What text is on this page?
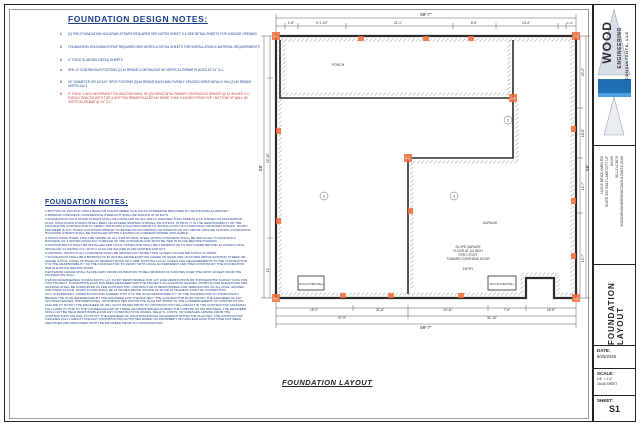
FOUNDATION DESIGN NOTES:
1 (2) PHD FOUNDATION HOLDOWN STRAPS REQUIRED SEE NOTES SHEET S & SEE DETAIL SHEETS FOR GARAGE OPENING
2 FOUNDATION HOLDOWN STRAP REQUIRED SEE NOTES & DETAIL SHEETS FOR INSTALLATION & MATERIAL REQUIREMENTS
3 4" THICK SLAB SEE DETAIL SHEETS
4 5FH-12' CONTINUOUS FOOTING (2) #4 REBAR CONTINUOUS W/ VERTICAL REBAR PLACED AT 24" O.C.
5 24" DIAMETER OR 24"X24" SPOT FOOTING (3) #4 REBAR EACH WAY EVENLY SPACED HORIZONTALLY W/4 (2) #4 REBAR VERTICALLY
6 IF THICK 3-INCH MOVEMENT FOUNDATION WALL W/ (2) HORIZONTAL REBAR CONTINUOUS SPACED @ 12 INCHES O.C. EVENLY SPACED WITH TOP & BOTTOM REBAR PLACED NO MORE THAN 3 INCHES FROM TOP / BOTTOM OF WALL W/ VERTICAL REBAR @ 24" O.C.
FOUNDATION NOTES:

1.BOTTOM OF FOOTING SHALL BEAR ON UNDISTURBED SOIL OR AS OTHERWISE REQUIRED BY GEOTECHNICAL REPORT.

2.MINIMUM CONCRETE COMPRESSIVE STRENGTH SHALL BE 3000 PSI AT 28 DAYS.

3.FOUNDATION HOLD DOWN STRAPS SHALL BE INSTALLED ON ALL WALLS GREATER THAN SHEETS & AS SHOWN ON FOUNDATION PLAN. HOLD DOWN STRAPS SHALL MEET OR EXCEED SIMPSON STRONG-TIE STHD14, STHD10, IT IS THE RESPONSIBILITY OF THE FOUNDATION CONTRACTOR TO VERIFY HOLDOWN LOCATIONS PRIOR TO INSTALLATION OF FOUNDATION HOLDOWN STRAPS. NOTIFY ENGINEER IF ANY STRAP LOCATIONS APPEAR TO BE BELOW AN OPENING OR WINDOW ON ANY ABOVE GROUND FLOORS. FOUNDATION HOLDOWN STRAPS SHALL BE INSTALLED WITHIN 6 INCHES OF CORNERS WHERE APPLICABLE.

4.STRUCTURAL STEEL SHALL BE GRADE 40. ALL STRUCTURAL STEEL WITHIN CONCRETE SHALL BE INSTALLED TO MAINTAIN A DISTANCE OF 3 INCHES FROM ANY SURFACE OF THE CONCRETE AND MUST BE TIED IN PLACE BEFORE POURING.

5.ANCHOR BOLTS SHALL BE INSTALLED PER LOCAL CODES AND SHALL BE A MINIMUM OF 1/2 INCH DIAMETER AND 10 INCHES LONG, INSTALLED 12 INCHES O.C. WITH A 3x3x0.229 SQUARE PLATE WASHER AND NUT.

6.CONTROL JOINTS IN ALL CONCRETE SHALL BE SPACED NOT MORE THAN 12 FEET ON CENTER FOR FLAT WORK.

7.FOUNDATION SHALL BE A MINIMUM OF 18 INCHES ABOVE EXISTING GRADE OF ROAD AND 18 INCHES ABOVE EXISTING STREET OR GRADE (LOCAL CODE) OF ROAD OF NEAREST ROAD OR CURB. EXISTING LOCAL CODES AND MEASUREMENTS TO THE CONTRACTOR. IT IS THE RESPONSIBILITY OF THE CONTRACTOR TO VERIFY WITH LOCAL GOVERNMENT AND THEN CONSTRUCT THE FOUNDATION PER ELEVATION RESTRICTIONS.

8.EXTERIOR GRADE SHALL SLOPE AWAY FROM FOUNDATION TO BE A MINIMUM OF 6 INCHES OVER THE FIRST 10 FEET FROM THE FOUNDATION WALL.

9.WOOD ENGINEERING CONSULTANTS, LLC IS NOT RESPONSIBLE FOR LOT LINE VERIFICATION OR TOPOGRAPHIC SURVEY DATA FOR THIS PROJECT. FOUNDATION PLAN HAS BEEN DESIGNED FOR THE PROJECT. ALL EXISTING GRADES, FINISH FLOOR ELEVATIONS AND GRADING SHALL BE COMPLETED AS PER CONTRACTOR. CONTRACTOR IS RESPONSIBLE FOR VERIFICATION OF ALL FINAL GRADES AND FINISH FLOOR. FINISH FLOOR SHALL BE 12 INCHES ABOVE CROWN OF ROAD AT NEAREST POINT OF CONNECTION.

10.IT IS EXPRESSLY UNDERSTOOD AND AGREED THAT IT IS THE SOLE RESPONSIBILITY OF THE CONTRACTOR TO THOROUGHLY REVIEW THE PLAN REFERENCED BY THE ENGINEER FOR THE PROJECT. THE CONTRACTOR MUST NOTIFY THE ENGINEER OF ANY INCONSISTENCIES, DISCREPANCIES, OR AMBIGUITIES WITHIN THE PLAN SET PRIOR TO THE COMMENCEMENT OF CONSTRUCTION. FAILURE TO NOTIFY THE ENGINEER OF ANY SUCH ISSUES PRIOR TO CONSTRUCTION WILL RESULT IN THE CONTRACTOR ASSUMING FULL LIABILITY DUE TO THE CONSEQUENCES OF THESE INCONSISTENCIES DURING THE CONSTRUCTION PROCESS. THE ENGINEER SHALL NOT BE HELD RESPONSIBLE FOR ANY CONSTRUCTION ISSUES, DELAYS, COSTS, OR DAMAGES ARISING FROM THE CONTRACTORS FAILURE TO NOTIFY THE ENGINEER OF INCONSISTENCIES OR ERRORS WITHIN THE PLAN SET. THE CONTRACTOR ASSUMES FULL LIABILITY FOR ANY CONSTRUCTION ACTIVITIES BASED ON INCORRECT OR UNCLEAR DATA THAT HAVE NOT BEEN IDENTIFIED AND DISCUSSED WITH THE ENGINEER PRIOR TO CONSTRUCTION.

59'-7"
1'-6"	9'-1 1/2"	21'-1"	8'-5"	13'-4"	1'-4"
58'
15'-10"
12'
58'
22'-2"
16'-8"
12'-7"
19'-7"
PORCH
GARAGE
SLOPE GARAGE
FLOOR AT 1/4 INCH
PER 1 FOOT
TOWARD OVERHEAD DOOR
ENTRY
NOTCH STEM WALL	NOTCH STEM WALL
3	3
3
PHD	PHD
PHD	PHD
PHD
PHD
15'-2"	21'-6"	14'-11"	7'-6"	16'-8"
27'-9"	31'-10"
59'-7"
FOUNDATION LAYOUT
WOOD ENGINEERING CONSULTANTS, LLC
1245 E BRICKYARD RD SUITE 550 SALT LAKE CITY UT 84106 801-214-3676 WOODENGINEERINGCONSULTANTS.COM
FOUNDATION LAYOUT
DATE:
9/25/2025
SCALE:
1/4" = 1'-0"
24x36 SHEET
SHEET:
S1
